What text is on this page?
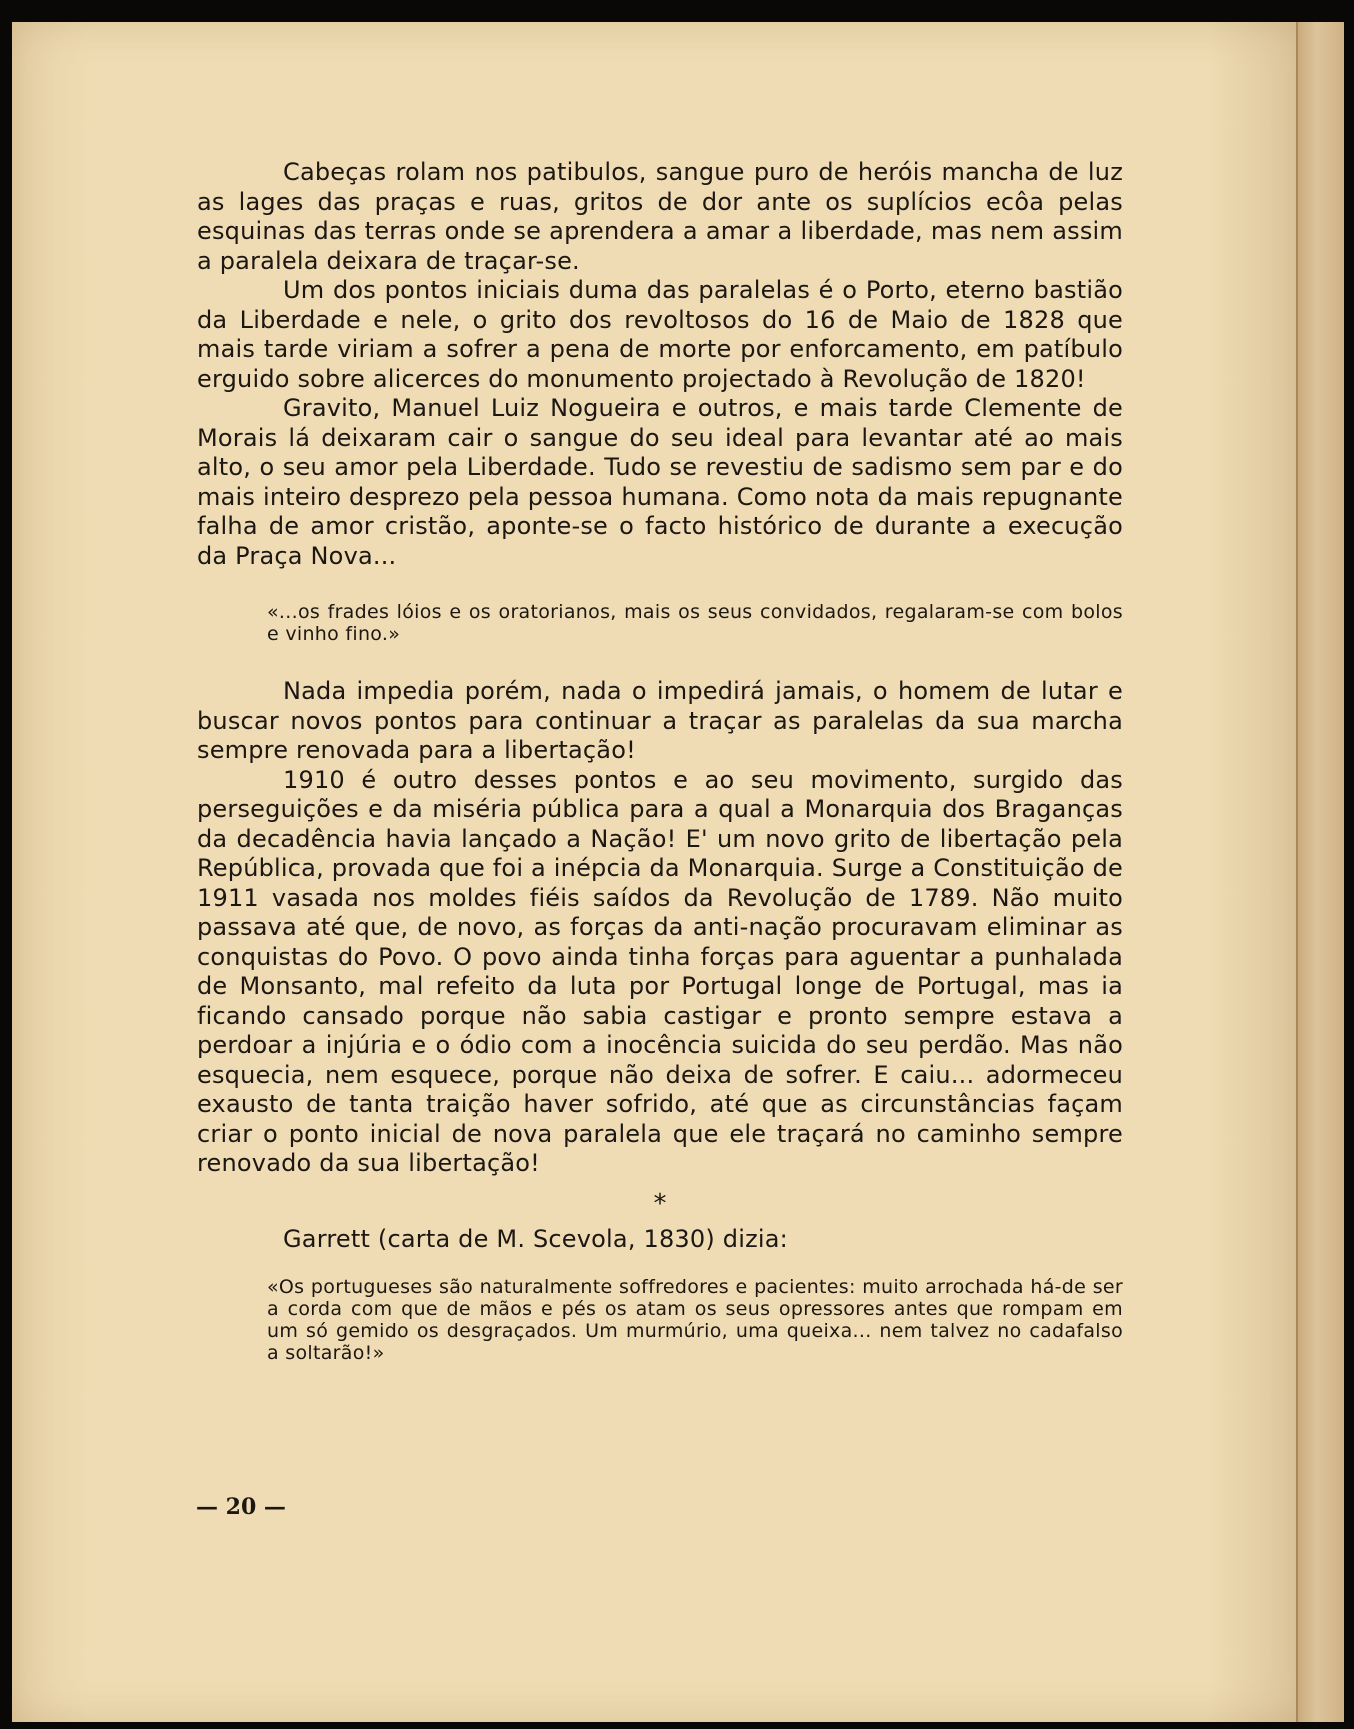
Cabeças rolam nos patibulos, sangue puro de heróis mancha de luz as lages das praças e ruas, gritos de dor ante os suplícios ecôa pelas esquinas das terras onde se aprendera a amar a liberdade, mas nem assim a paralela deixara de traçar-se.

Um dos pontos iniciais duma das paralelas é o Porto, eterno bastião da Liberdade e nele, o grito dos revoltosos do 16 de Maio de 1828 que mais tarde viriam a sofrer a pena de morte por enforcamento, em patíbulo erguido sobre alicerces do monumento projectado à Revolução de 1820!

Gravito, Manuel Luiz Nogueira e outros, e mais tarde Clemente de Morais lá deixaram cair o sangue do seu ideal para levantar até ao mais alto, o seu amor pela Liberdade. Tudo se revestiu de sadismo sem par e do mais inteiro desprezo pela pessoa humana. Como nota da mais repugnante falha de amor cristão, aponte-se o facto histórico de durante a execução da Praça Nova...

«...os frades lóios e os oratorianos, mais os seus convidados, regalaram-se com bolos e vinho fino.»

Nada impedia porém, nada o impedirá jamais, o homem de lutar e buscar novos pontos para continuar a traçar as paralelas da sua marcha sempre renovada para a libertação!

1910 é outro desses pontos e ao seu movimento, surgido das perseguições e da miséria pública para a qual a Monarquia dos Braganças da decadência havia lançado a Nação! E' um novo grito de libertação pela República, provada que foi a inépcia da Monarquia. Surge a Constituição de 1911 vasada nos moldes fiéis saídos da Revolução de 1789. Não muito passava até que, de novo, as forças da anti-nação procuravam eliminar as conquistas do Povo. O povo ainda tinha forças para aguentar a punhalada de Monsanto, mal refeito da luta por Portugal longe de Portugal, mas ia ficando cansado porque não sabia castigar e pronto sempre estava a perdoar a injúria e o ódio com a inocência suicida do seu perdão. Mas não esquecia, nem esquece, porque não deixa de sofrer. E caiu... adormeceu exausto de tanta traição haver sofrido, até que as circunstâncias façam criar o ponto inicial de nova paralela que ele traçará no caminho sempre renovado da sua libertação!

*

Garrett (carta de M. Scevola, 1830) dizia:

«Os portugueses são naturalmente soffredores e pacientes: muito arrochada há-de ser a corda com que de mãos e pés os atam os seus opressores antes que rompam em um só gemido os desgraçados. Um murmúrio, uma queixa... nem talvez no cadafalso a soltarão!»

— 20 —
